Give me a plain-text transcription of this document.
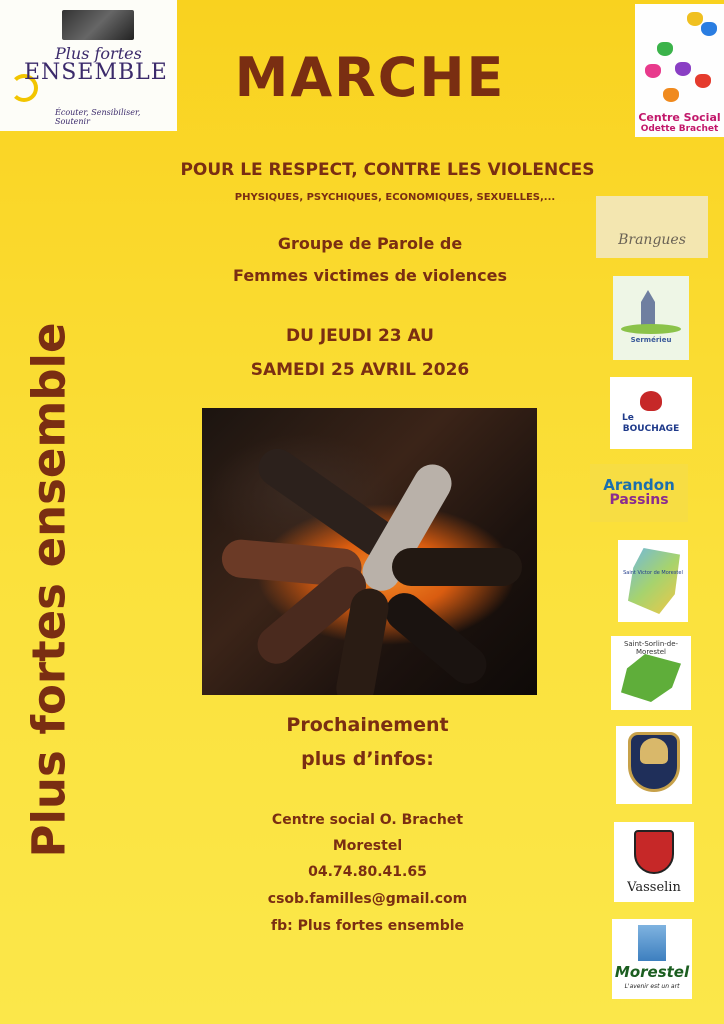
Plus fortes
ENSEMBLE
Écouter, Sensibiliser, Soutenir	Centre Social
Odette Brachet
MARCHE
POUR LE RESPECT, CONTRE LES VIOLENCES
PHYSIQUES, PSYCHIQUES, ECONOMIQUES, SEXUELLES,...
Groupe de Parole de
Femmes victimes de violences
DU JEUDI 23 AU
SAMEDI 25 AVRIL 2026
Prochainement
plus d’infos:
Centre social O. Brachet
Morestel
04.74.80.41.65
csob.familles@gmail.com
fb: Plus fortes ensemble
Plus fortes ensemble
Brangues
Sermérieu
Le
BOUCHAGE
Arandon
Passins
Saint Victor de Morestel
Saint-Sorlin-de-Morestel
Vasselin
Morestel
L'avenir est un art
